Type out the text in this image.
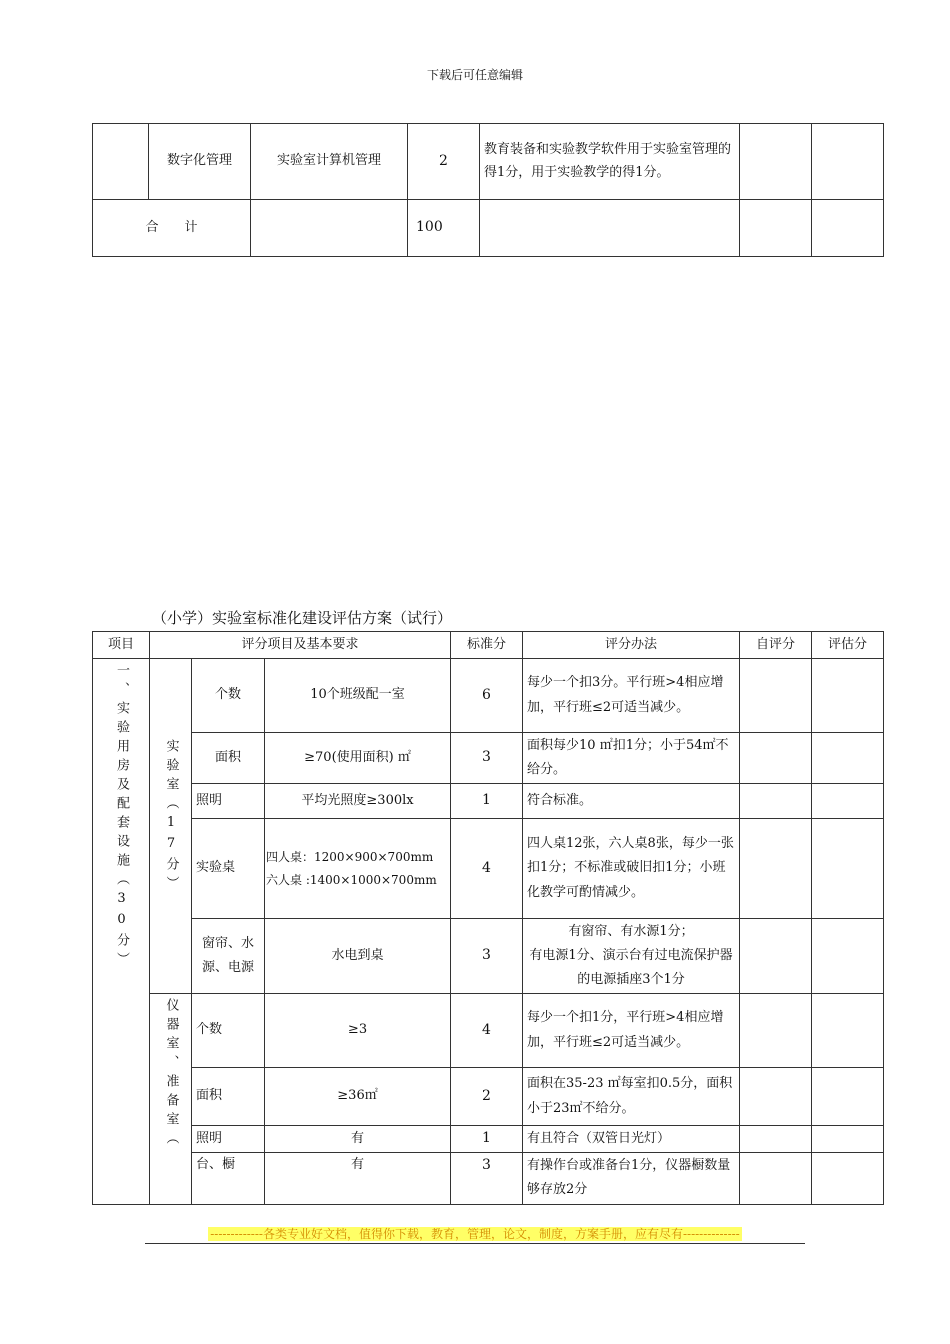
下载后可任意编辑
	数字化管理	实验室计算机管理	2	教育装备和实验教学软件用于实验室管理的得1分，用于实验教学的得1分。		
合　　计			100			
（小学）实验室标准化建设评估方案（试行）
项目	评分项目及基本要求			标准分	评分办法	自评分	评估分

一、实验用房及配套设施︵30分︶	实验室︵17分︶	个数	10个班级配一室	6	每少一个扣3分。平行班>4相应增加，平行班≤2可适当减少。		
		面积	≥70(使用面积) ㎡	3	面积每少10 ㎡扣1分；小于54㎡不给分。		
		照明	平均光照度≥300lx	1	符合标准。		
		实验桌	四人桌：1200×900×700mm
六人桌 :1400×1000×700mm	4	四人桌12张，六人桌8张，每少一张扣1分；不标准或破旧扣1分；小班化教学可酌情减少。		
		窗帘、水源、电源	水电到桌	3	有窗帘、有水源1分；
有电源1分、演示台有过电流保护器的电源插座3个1分		

	仪器室、准备室︵	个数	≥3	4	每少一个扣1分，平行班>4相应增加，平行班≤2可适当减少。		
		面积	≥36㎡	2	面积在35-23 ㎡每室扣0.5分，面积小于23㎡不给分。		
		照明	有	1	有且符合（双管日光灯）		
		台、橱	有	3	有操作台或准备台1分，仪器橱数量够存放2分		
-------------各类专业好文档，值得你下载，教育，管理，论文，制度，方案手册，应有尽有--------------
